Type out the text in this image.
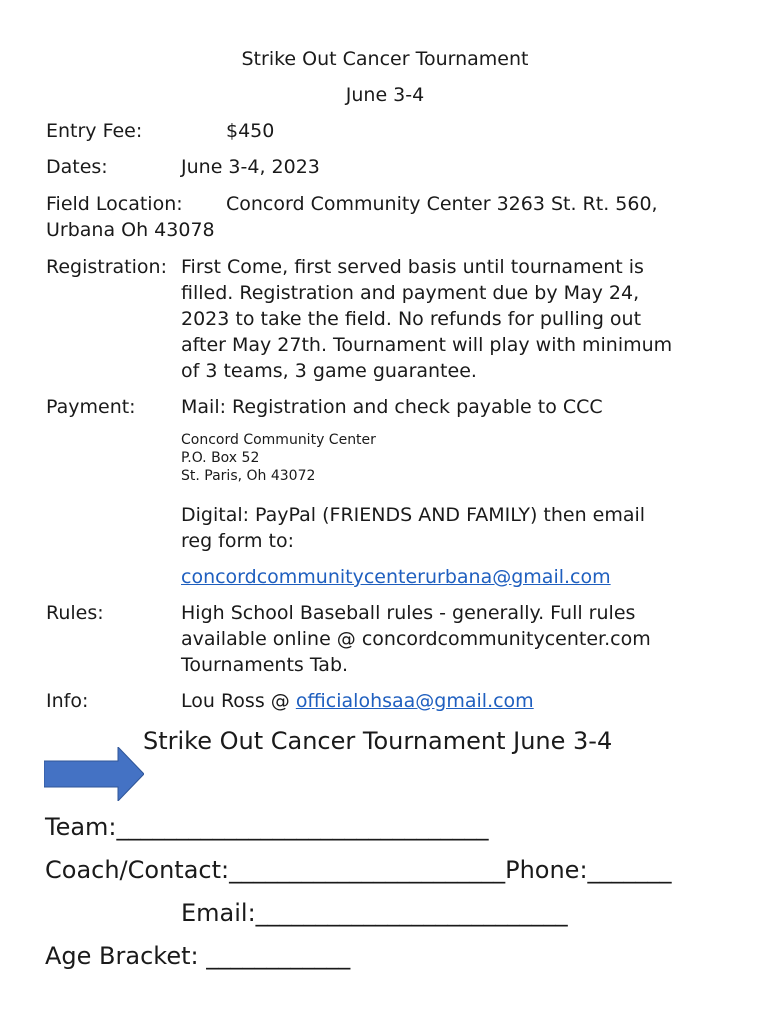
Strike Out Cancer Tournament
June 3-4
Entry Fee:	$450
Dates:	June 3-4, 2023
Field Location: Concord Community Center 3263 St. Rt. 560,
Urbana Oh 43078
Registration: First Come, first served basis until tournament is
filled. Registration and payment due by May 24,
2023 to take the field. No refunds for pulling out
after May 27th. Tournament will play with minimum
of 3 teams, 3 game guarantee.
Payment: Mail: Registration and check payable to CCC
Concord Community Center
P.O. Box 52
St. Paris, Oh 43072
Digital: PayPal (FRIENDS AND FAMILY) then email
reg form to:
concordcommunitycenterurbana@gmail.com
Rules:	High School Baseball rules - generally. Full rules
available online @ concordcommunitycenter.com
Tournaments Tab.
Info:	Lou Ross @ officialohsaa@gmail.com
Strike Out Cancer Tournament June 3-4
Team:_______________________________
Coach/Contact:_______________________Phone:_______
Email:__________________________
Age Bracket: ____________
